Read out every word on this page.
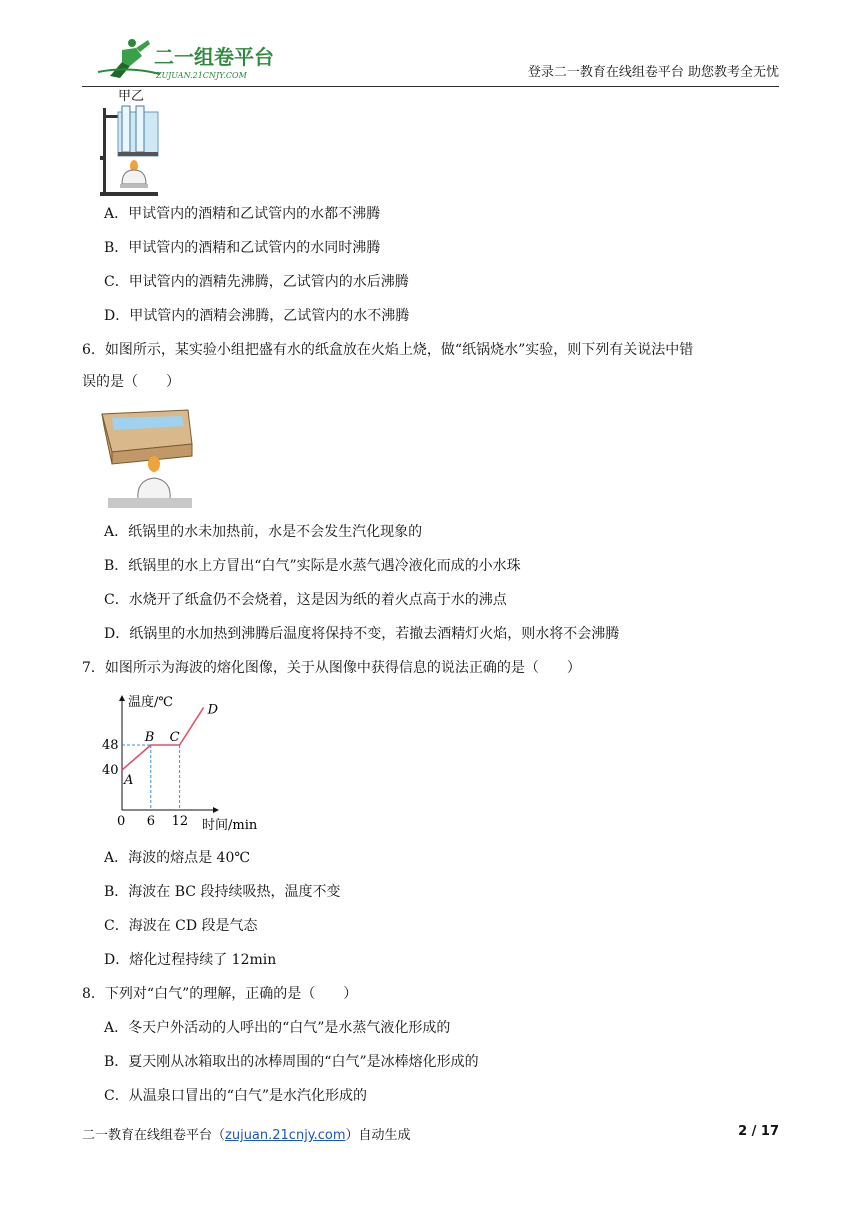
二一组卷平台
ZUJUAN.21CNJY.COM	登录二一教育在线组卷平台 助您教考全无忧
甲乙
A．甲试管内的酒精和乙试管内的水都不沸腾
B．甲试管内的酒精和乙试管内的水同时沸腾
C．甲试管内的酒精先沸腾，乙试管内的水后沸腾
D．甲试管内的酒精会沸腾，乙试管内的水不沸腾
6．如图所示，某实验小组把盛有水的纸盒放在火焰上烧，做“纸锅烧水”实验，则下列有关说法中错
误的是（　　）
A．纸锅里的水未加热前，水是不会发生汽化现象的
B．纸锅里的水上方冒出“白气”实际是水蒸气遇冷液化而成的小水珠
C．水烧开了纸盒仍不会烧着，这是因为纸的着火点高于水的沸点
D．纸锅里的水加热到沸腾后温度将保持不变，若撤去酒精灯火焰，则水将不会沸腾
7．如图所示为海波的熔化图像，关于从图像中获得信息的说法正确的是（　　）
温度/℃
时间/min
0 6 12
40
48
A
B C
D
A．海波的熔点是 40℃
B．海波在 BC 段持续吸热，温度不变
C．海波在 CD 段是气态
D．熔化过程持续了 12min
8．下列对“白气”的理解，正确的是（　　）
A．冬天户外活动的人呼出的“白气”是水蒸气液化形成的
B．夏天刚从冰箱取出的冰棒周围的“白气”是冰棒熔化形成的
C．从温泉口冒出的“白气”是水汽化形成的
二一教育在线组卷平台（zujuan.21cnjy.com）自动生成	2 / 17
